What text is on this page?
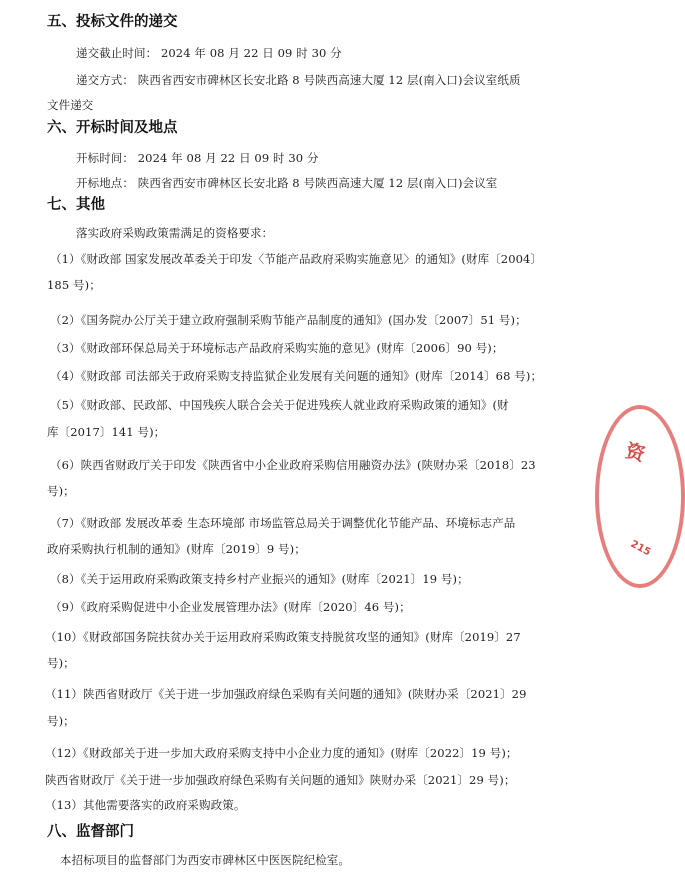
五、投标文件的递交
递交截止时间： 2024 年 08 月 22 日 09 时 30 分
递交方式： 陕西省西安市碑林区长安北路 8 号陕西高速大厦 12 层(南入口)会议室纸质
文件递交
六、开标时间及地点
开标时间： 2024 年 08 月 22 日 09 时 30 分
开标地点： 陕西省西安市碑林区长安北路 8 号陕西高速大厦 12 层(南入口)会议室
七、其他
落实政府采购政策需满足的资格要求：
（1）《财政部 国家发展改革委关于印发〈节能产品政府采购实施意见〉的通知》(财库〔2004〕
185 号)；
（2）《国务院办公厅关于建立政府强制采购节能产品制度的通知》(国办发〔2007〕51 号)；
（3）《财政部环保总局关于环境标志产品政府采购实施的意见》(财库〔2006〕90 号)；
（4）《财政部 司法部关于政府采购支持监狱企业发展有关问题的通知》(财库〔2014〕68 号)；
（5）《财政部、民政部、中国残疾人联合会关于促进残疾人就业政府采购政策的通知》(财
库〔2017〕141 号)；
（6）陕西省财政厅关于印发《陕西省中小企业政府采购信用融资办法》(陕财办采〔2018〕23
号)；
（7）《财政部 发展改革委 生态环境部 市场监管总局关于调整优化节能产品、环境标志产品
政府采购执行机制的通知》(财库〔2019〕9 号)；
（8）《关于运用政府采购政策支持乡村产业振兴的通知》(财库〔2021〕19 号)；
（9）《政府采购促进中小企业发展管理办法》(财库〔2020〕46 号)；
（10）《财政部国务院扶贫办关于运用政府采购政策支持脱贫攻坚的通知》(财库〔2019〕27
号)；
（11）陕西省财政厅《关于进一步加强政府绿色采购有关问题的通知》(陕财办采〔2021〕29
号)；
（12）《财政部关于进一步加大政府采购支持中小企业力度的通知》(财库〔2022〕19 号)；
陕西省财政厅《关于进一步加强政府绿色采购有关问题的通知》陕财办采〔2021〕29 号)；
（13）其他需要落实的政府采购政策。
八、监督部门
本招标项目的监督部门为西安市碑林区中医医院纪检室。
资
215
